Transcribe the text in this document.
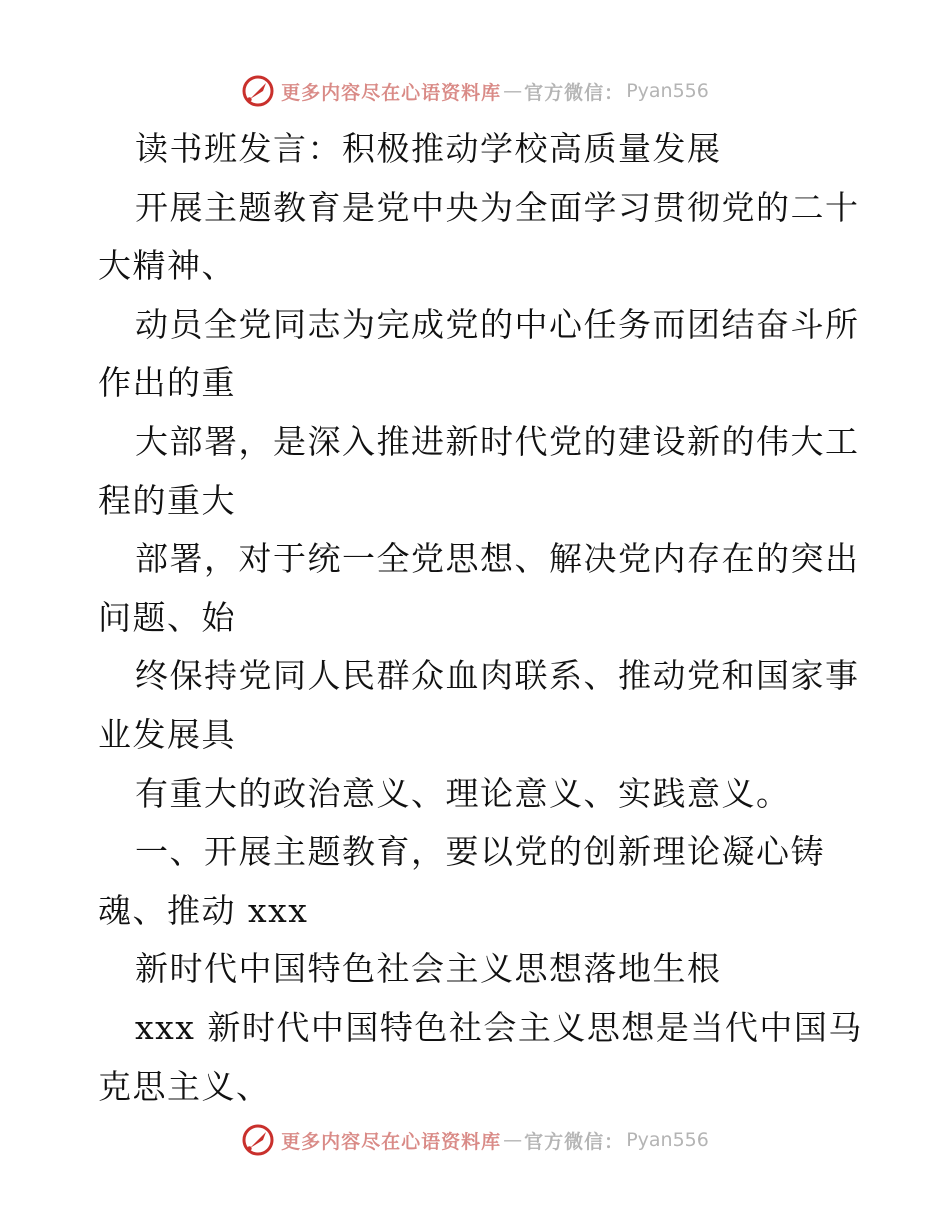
更多内容尽在心语资料库 — 官方微信： Pyan556
读书班发言：积极推动学校高质量发展
开展主题教育是党中央为全面学习贯彻党的二十
大精神、
动员全党同志为完成党的中心任务而团结奋斗所
作出的重
大部署，是深入推进新时代党的建设新的伟大工
程的重大
部署，对于统一全党思想、解决党内存在的突出
问题、始
终保持党同人民群众血肉联系、推动党和国家事
业发展具
有重大的政治意义、理论意义、实践意义。
一、开展主题教育，要以党的创新理论凝心铸
魂、推动 xxx
新时代中国特色社会主义思想落地生根
xxx 新时代中国特色社会主义思想是当代中国马
克思主义、
更多内容尽在心语资料库 — 官方微信： Pyan556
